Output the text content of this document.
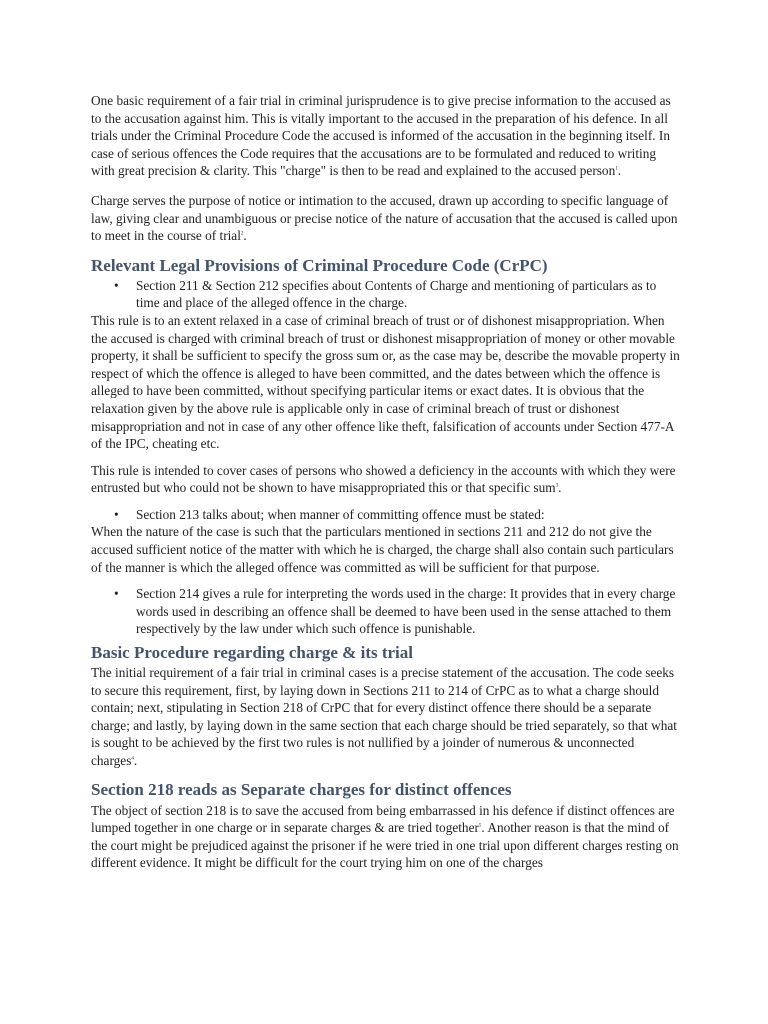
One basic requirement of a fair trial in criminal jurisprudence is to give precise information to the accused as to the accusation against him. This is vitally important to the accused in the preparation of his defence. In all trials under the Criminal Procedure Code the accused is informed of the accusation in the beginning itself. In case of serious offences the Code requires that the accusations are to be formulated and reduced to writing with great precision & clarity. This "charge" is then to be read and explained to the accused person$^1$.

Charge serves the purpose of notice or intimation to the accused, drawn up according to specific language of law, giving clear and unambiguous or precise notice of the nature of accusation that the accused is called upon to meet in the course of trial$^2$.

Relevant Legal Provisions of Criminal Procedure Code (CrPC)
• Section 211 & Section 212 specifies about Contents of Charge and mentioning of particulars as to time and place of the alleged offence in the charge.

This rule is to an extent relaxed in a case of criminal breach of trust or of dishonest misappropriation. When the accused is charged with criminal breach of trust or dishonest misappropriation of money or other movable property, it shall be sufficient to specify the gross sum or, as the case may be, describe the movable property in respect of which the offence is alleged to have been committed, and the dates between which the offence is alleged to have been committed, without specifying particular items or exact dates. It is obvious that the relaxation given by the above rule is applicable only in case of criminal breach of trust or dishonest misappropriation and not in case of any other offence like theft, falsification of accounts under Section 477-A of the IPC, cheating etc.

This rule is intended to cover cases of persons who showed a deficiency in the accounts with which they were entrusted but who could not be shown to have misappropriated this or that specific sum$^3$.

• Section 213 talks about; when manner of committing offence must be stated:

When the nature of the case is such that the particulars mentioned in sections 211 and 212 do not give the accused sufficient notice of the matter with which he is charged, the charge shall also contain such particulars of the manner is which the alleged offence was committed as will be sufficient for that purpose.

• Section 214 gives a rule for interpreting the words used in the charge: It provides that in every charge words used in describing an offence shall be deemed to have been used in the sense attached to them respectively by the law under which such offence is punishable.
Basic Procedure regarding charge & its trial

The initial requirement of a fair trial in criminal cases is a precise statement of the accusation. The code seeks to secure this requirement, first, by laying down in Sections 211 to 214 of CrPC as to what a charge should contain; next, stipulating in Section 218 of CrPC that for every distinct offence there should be a separate charge; and lastly, by laying down in the same section that each charge should be tried separately, so that what is sought to be achieved by the first two rules is not nullified by a joinder of numerous & unconnected charges$^4$.

Section 218 reads as Separate charges for distinct offences

The object of section 218 is to save the accused from being embarrassed in his defence if distinct offences are lumped together in one charge or in separate charges & are tried together$^5$. Another reason is that the mind of the court might be prejudiced against the prisoner if he were tried in one trial upon different charges resting on different evidence. It might be difficult for the court trying him on one of the charges
